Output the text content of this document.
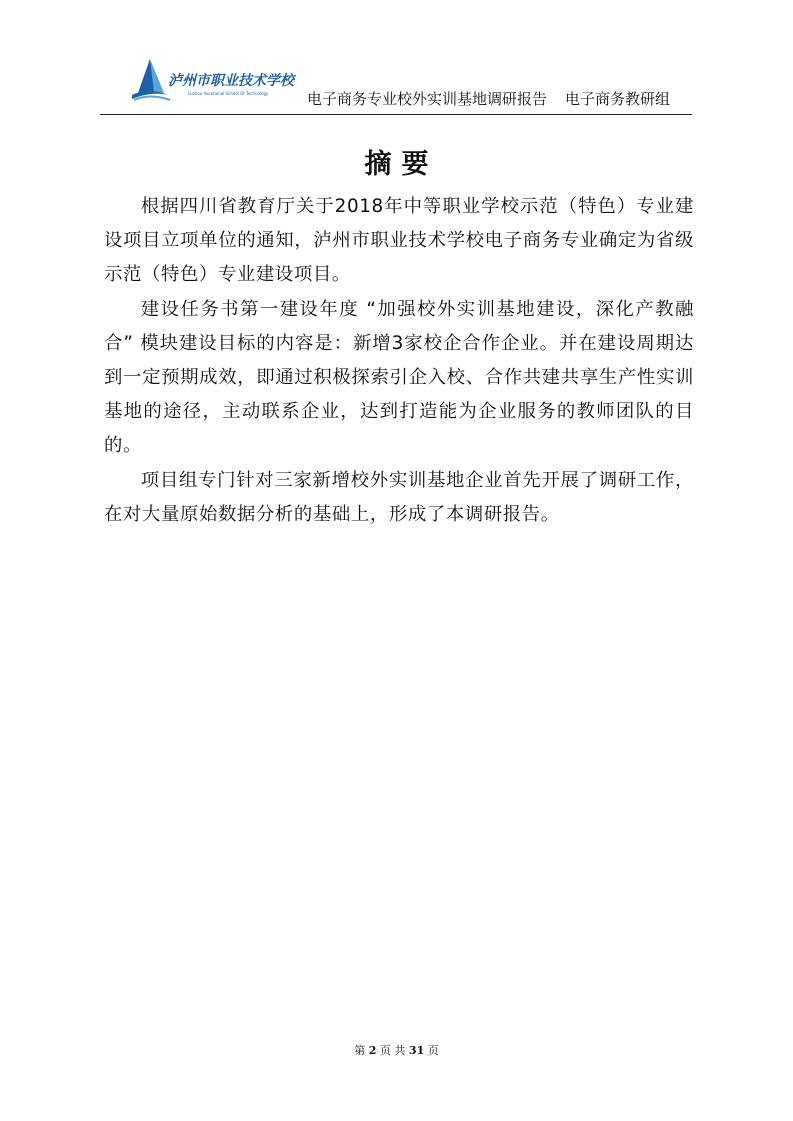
泸州市职业技术学校
Luzhou Vocational School Of Technology	电子商务专业校外实训基地调研报告 电子商务教研组
摘要

根据四川省教育厅关于2018年中等职业学校示范（特色）专业建设项目立项单位的通知，泸州市职业技术学校电子商务专业确定为省级示范（特色）专业建设项目。

建设任务书第一建设年度 “加强校外实训基地建设，深化产教融合” 模块建设目标的内容是：新增3家校企合作企业。并在建设周期达到一定预期成效，即通过积极探索引企入校、合作共建共享生产性实训基地的途径，主动联系企业，达到打造能为企业服务的教师团队的目的。

项目组专门针对三家新增校外实训基地企业首先开展了调研工作，在对大量原始数据分析的基础上，形成了本调研报告。

第 2 页 共 31 页
